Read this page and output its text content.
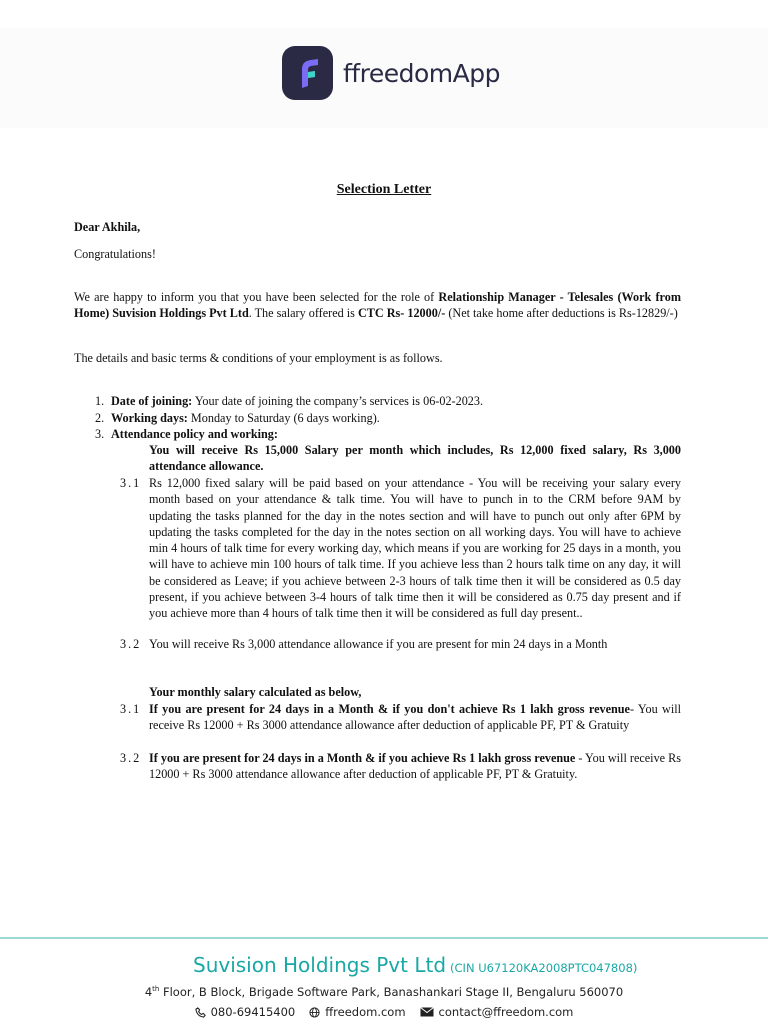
ffreedomApp
Selection Letter

Dear Akhila,

Congratulations!

We are happy to inform you that you have been selected for the role of Relationship Manager - Telesales (Work from Home) Suvision Holdings Pvt Ltd. The salary offered is CTC Rs- 12000/- (Net take home after deductions is Rs-12829/-)

The details and basic terms & conditions of your employment is as follows.

1. Date of joining: Your date of joining the company’s services is 06-02-2023.
2. Working days: Monday to Saturday (6 days working).
3. Attendance policy and working:
You will receive Rs 15,000 Salary per month which includes, Rs 12,000 fixed salary, Rs 3,000 attendance allowance.
3.1 Rs 12,000 fixed salary will be paid based on your attendance - You will be receiving your salary every month based on your attendance & talk time. You will have to punch in to the CRM before 9AM by updating the tasks planned for the day in the notes section and will have to punch out only after 6PM by updating the tasks completed for the day in the notes section on all working days. You will have to achieve min 4 hours of talk time for every working day, which means if you are working for 25 days in a month, you will have to achieve min 100 hours of talk time. If you achieve less than 2 hours talk time on any day, it will be considered as Leave; if you achieve between 2-3 hours of talk time then it will be considered as 0.5 day present, if you achieve between 3-4 hours of talk time then it will be considered as 0.75 day present and if you achieve more than 4 hours of talk time then it will be considered as full day present..
3.2 You will receive Rs 3,000 attendance allowance if you are present for min 24 days in a Month
Your monthly salary calculated as below,
3.1 If you are present for 24 days in a Month & if you don't achieve Rs 1 lakh gross revenue- You will receive Rs 12000 + Rs 3000 attendance allowance after deduction of applicable PF, PT & Gratuity
3.2 If you are present for 24 days in a Month & if you achieve Rs 1 lakh gross revenue - You will receive Rs 12000 + Rs 3000 attendance allowance after deduction of applicable PF, PT & Gratuity.
Suvision Holdings Pvt Ltd (CIN U67120KA2008PTC047808)
4th Floor, B Block, Brigade Software Park, Banashankari Stage II, Bengaluru 560070
080-69415400	ffreedom.com	contact@ffreedom.com
